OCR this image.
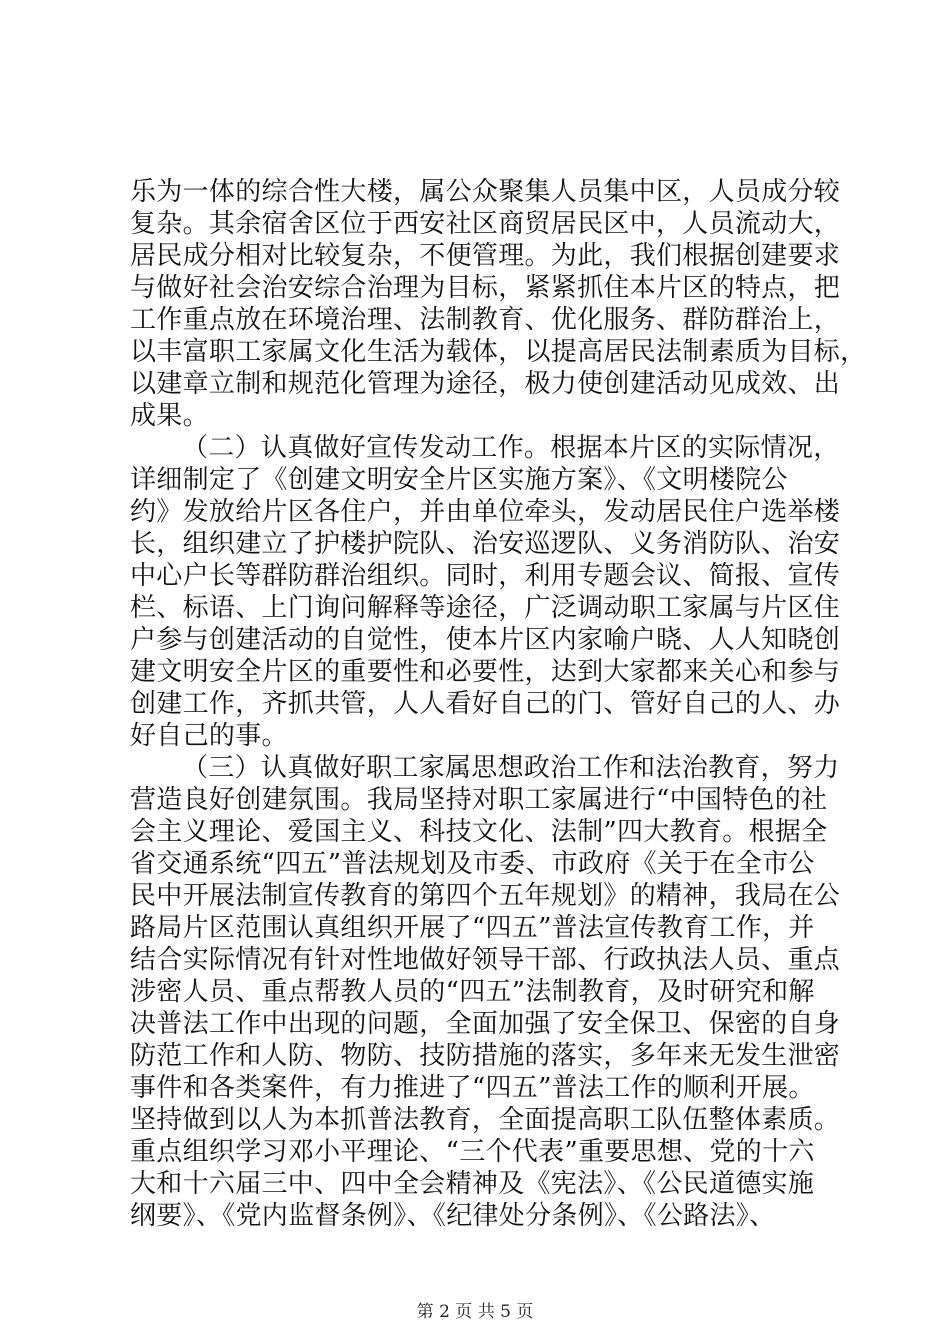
乐为一体的综合性大楼，属公众聚集人员集中区，人员成分较
复杂。其余宿舍区位于西安社区商贸居民区中，人员流动大，
居民成分相对比较复杂，不便管理。为此，我们根据创建要求
与做好社会治安综合治理为目标，紧紧抓住本片区的特点，把
工作重点放在环境治理、法制教育、优化服务、群防群治上，
以丰富职工家属文化生活为载体，以提高居民法制素质为目标，
以建章立制和规范化管理为途径，极力使创建活动见成效、出
成果。
（二）认真做好宣传发动工作。根据本片区的实际情况，
详细制定了《创建文明安全片区实施方案》、《文明楼院公
约》发放给片区各住户，并由单位牵头，发动居民住户选举楼
长，组织建立了护楼护院队、治安巡逻队、义务消防队、治安
中心户长等群防群治组织。同时，利用专题会议、简报、宣传
栏、标语、上门询问解释等途径，广泛调动职工家属与片区住
户参与创建活动的自觉性，使本片区内家喻户晓、人人知晓创
建文明安全片区的重要性和必要性，达到大家都来关心和参与
创建工作，齐抓共管，人人看好自己的门、管好自己的人、办
好自己的事。
（三）认真做好职工家属思想政治工作和法治教育，努力
营造良好创建氛围。我局坚持对职工家属进行“中国特色的社
会主义理论、爱国主义、科技文化、法制”四大教育。根据全
省交通系统“四五”普法规划及市委、市政府《关于在全市公
民中开展法制宣传教育的第四个五年规划》的精神，我局在公
路局片区范围认真组织开展了“四五”普法宣传教育工作，并
结合实际情况有针对性地做好领导干部、行政执法人员、重点
涉密人员、重点帮教人员的“四五”法制教育，及时研究和解
决普法工作中出现的问题，全面加强了安全保卫、保密的自身
防范工作和人防、物防、技防措施的落实，多年来无发生泄密
事件和各类案件，有力推进了“四五”普法工作的顺利开展。
坚持做到以人为本抓普法教育，全面提高职工队伍整体素质。
重点组织学习邓小平理论、“三个代表”重要思想、党的十六
大和十六届三中、四中全会精神及《宪法》、《公民道德实施
纲要》、《党内监督条例》、《纪律处分条例》、《公路法》、
第 2 页 共 5 页
